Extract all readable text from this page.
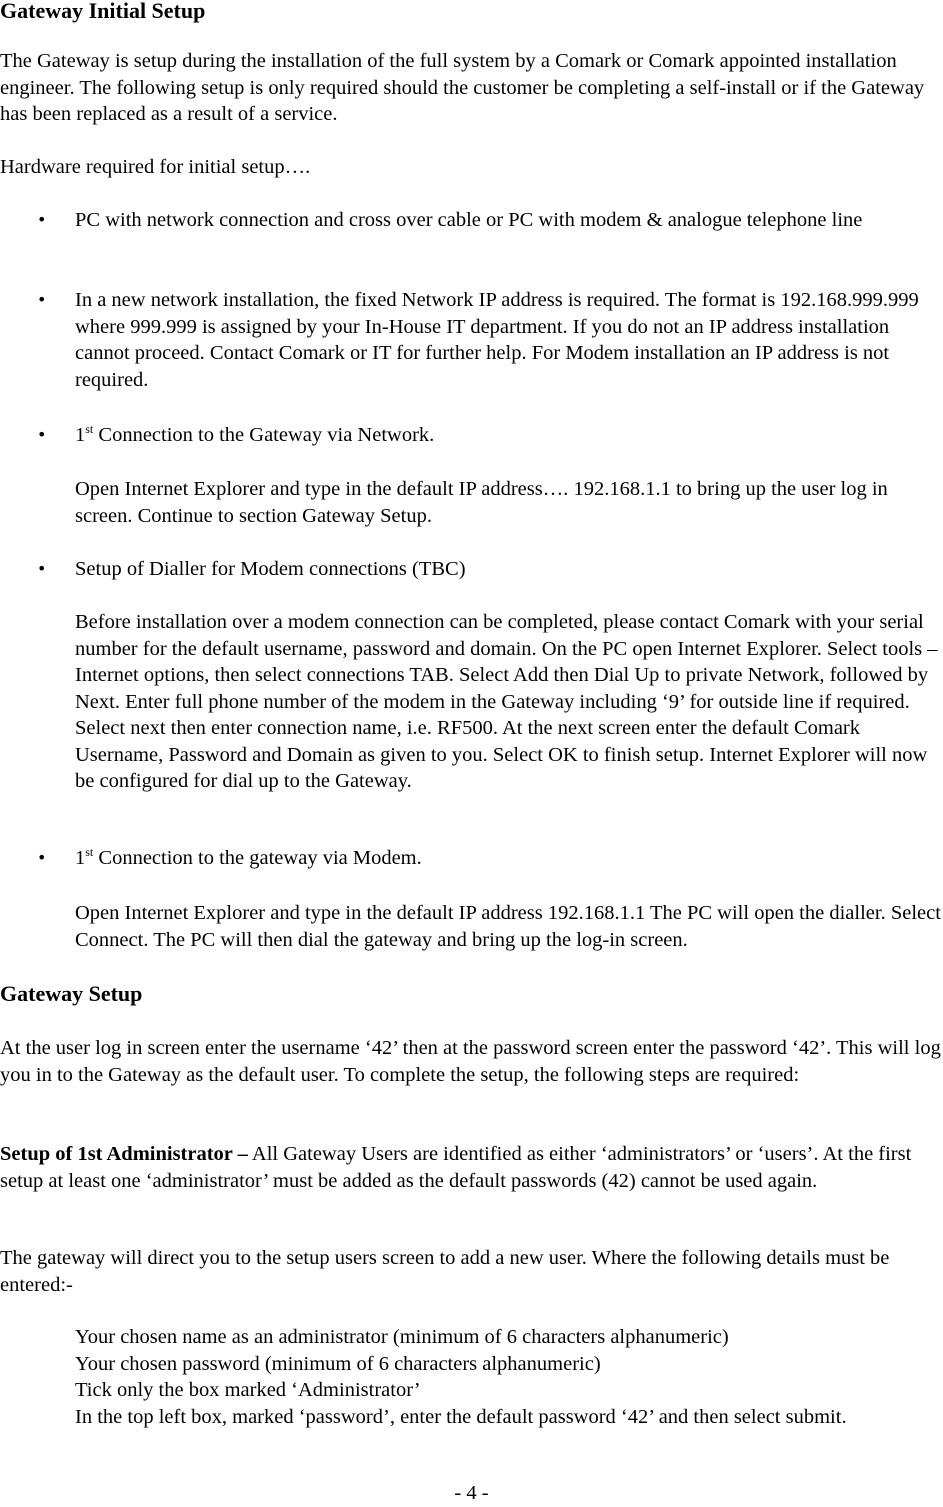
Gateway Initial Setup

The Gateway is setup during the installation of the full system by a Comark or Comark appointed installation engineer. The following setup is only required should the customer be completing a self-install or if the Gateway has been replaced as a result of a service.

Hardware required for initial setup….

PC with network connection and cross over cable or PC with modem & analogue telephone line

In a new network installation, the fixed Network IP address is required. The format is 192.168.999.999 where 999.999 is assigned by your In-House IT department. If you do not an IP address installation cannot proceed. Contact Comark or IT for further help. For Modem installation an IP address is not required.

1st Connection to the Gateway via Network.

Open Internet Explorer and type in the default IP address…. 192.168.1.1 to bring up the user log in screen. Continue to section Gateway Setup.

Setup of Dialler for Modem connections (TBC)

Before installation over a modem connection can be completed, please contact Comark with your serial number for the default username, password and domain. On the PC open Internet Explorer. Select tools – Internet options, then select connections TAB. Select Add then Dial Up to private Network, followed by Next. Enter full phone number of the modem in the Gateway including ‘9’ for outside line if required. Select next then enter connection name, i.e. RF500. At the next screen enter the default Comark Username, Password and Domain as given to you. Select OK to finish setup. Internet Explorer will now be configured for dial up to the Gateway.

1st Connection to the gateway via Modem.

Open Internet Explorer and type in the default IP address 192.168.1.1 The PC will open the dialler. Select Connect. The PC will then dial the gateway and bring up the log-in screen.

Gateway Setup

At the user log in screen enter the username ‘42’ then at the password screen enter the password ‘42’. This will log you in to the Gateway as the default user. To complete the setup, the following steps are required:

Setup of 1st Administrator – All Gateway Users are identified as either ‘administrators’ or ‘users’. At the first setup at least one ‘administrator’ must be added as the default passwords (42) cannot be used again.

The gateway will direct you to the setup users screen to add a new user. Where the following details must be entered:-

Your chosen name as an administrator (minimum of 6 characters alphanumeric)
Your chosen password (minimum of 6 characters alphanumeric)
Tick only the box marked ‘Administrator’
In the top left box, marked ‘password’, enter the default password ‘42’ and then select submit.
- 4 -
